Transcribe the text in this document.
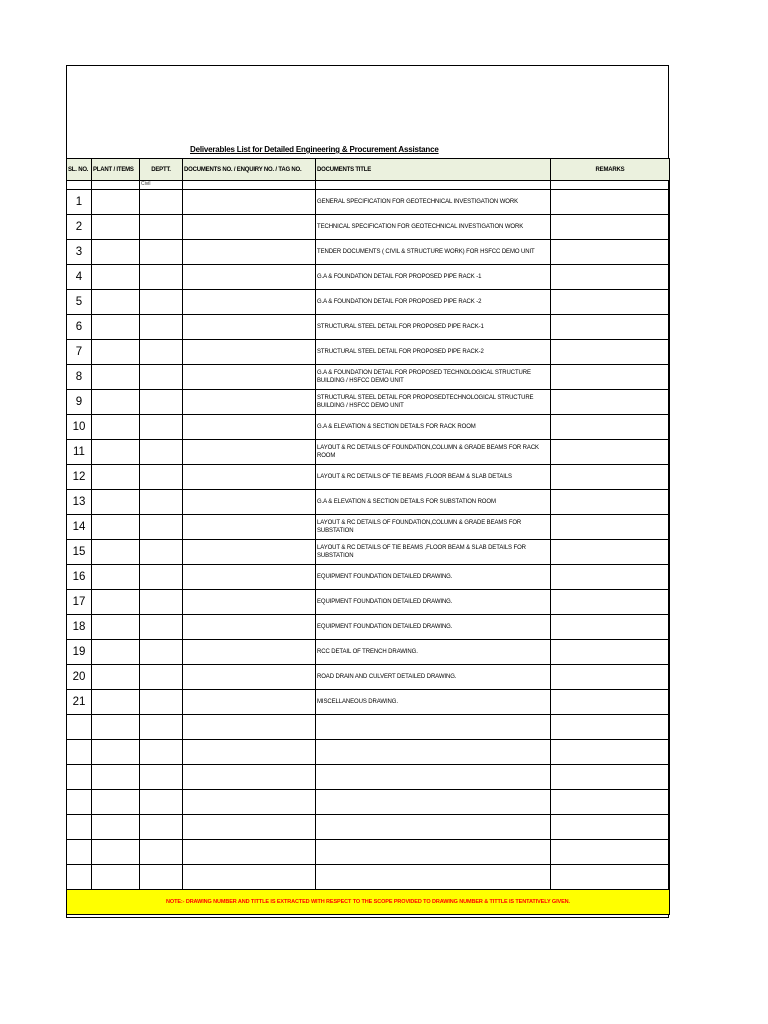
Deliverables List for Detailed Engineering & Procurement Assistance
SL. NO.	PLANT / ITEMS	DEPTT.	DOCUMENTS NO. / ENQUIRY NO. / TAG NO.	DOCUMENTS TITLE	REMARKS
		Civil			
1				GENERAL SPECIFICATION FOR GEOTECHNICAL INVESTIGATION WORK	
2				TECHNICAL SPECIFICATION FOR GEOTECHNICAL INVESTIGATION WORK	
3				TENDER DOCUMENTS ( CIVIL & STRUCTURE WORK) FOR HSFCC DEMO UNIT	
4				G.A & FOUNDATION DETAIL FOR PROPOSED PIPE RACK -1	
5				G.A & FOUNDATION DETAIL FOR PROPOSED PIPE RACK -2	
6				STRUCTURAL STEEL DETAIL FOR PROPOSED PIPE RACK-1	
7				STRUCTURAL STEEL DETAIL FOR PROPOSED PIPE RACK-2	
8				G.A & FOUNDATION DETAIL FOR PROPOSED TECHNOLOGICAL STRUCTURE BUILDING / HSFCC DEMO UNIT	
9				STRUCTURAL STEEL DETAIL FOR PROPOSEDTECHNOLOGICAL STRUCTURE BUILDING / HSFCC DEMO UNIT	
10				G.A & ELEVATION & SECTION DETAILS FOR RACK ROOM	
11				LAYOUT & RC DETAILS OF FOUNDATION,COLUMN & GRADE BEAMS FOR RACK ROOM	
12				LAYOUT & RC DETAILS OF TIE BEAMS ,FLOOR BEAM & SLAB DETAILS	
13				G.A & ELEVATION & SECTION DETAILS FOR SUBSTATION ROOM	
14				LAYOUT & RC DETAILS OF FOUNDATION,COLUMN & GRADE BEAMS FOR SUBSTATION	
15				LAYOUT & RC DETAILS OF TIE BEAMS ,FLOOR BEAM & SLAB DETAILS FOR SUBSTATION	
16				EQUIPMENT FOUNDATION DETAILED DRAWING.	
17				EQUIPMENT FOUNDATION DETAILED DRAWING.	
18				EQUIPMENT FOUNDATION DETAILED DRAWING.	
19				RCC DETAIL OF TRENCH DRAWING.	
20				ROAD DRAIN AND CULVERT DETAILED DRAWING.	
21				MISCELLANEOUS DRAWING.	

NOTE:- DRAWING NUMBER AND TITTLE IS EXTRACTED WITH RESPECT TO THE SCOPE PROVIDED TO DRAWING NUMBER & TITTLE IS TENTATIVELY GIVEN.					
